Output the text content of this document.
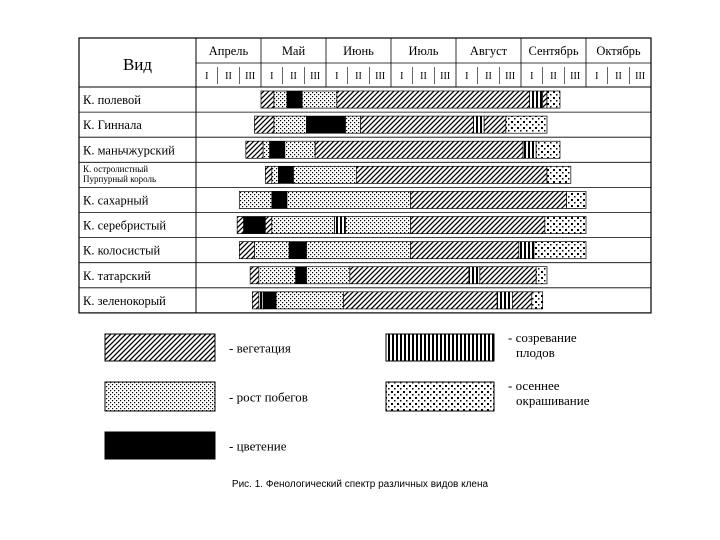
Вид
Апрель
I II III
Май
I II III
Июнь
I II III
Июль
I II III
Август
I II III
Сентябрь
I II III
Октябрь
I II III
К. полевой
К. Гиннала
К. маньчжурский
К. остролистный
Пурпурный король
К. сахарный
К. серебристый
К. колосистый
К. татарский
К. зеленокорый
- вегетация
- созревание
плодов
- рост побегов
- осеннее
окрашивание
- цветение
Рис. 1. Фенологический спектр различных видов клена
